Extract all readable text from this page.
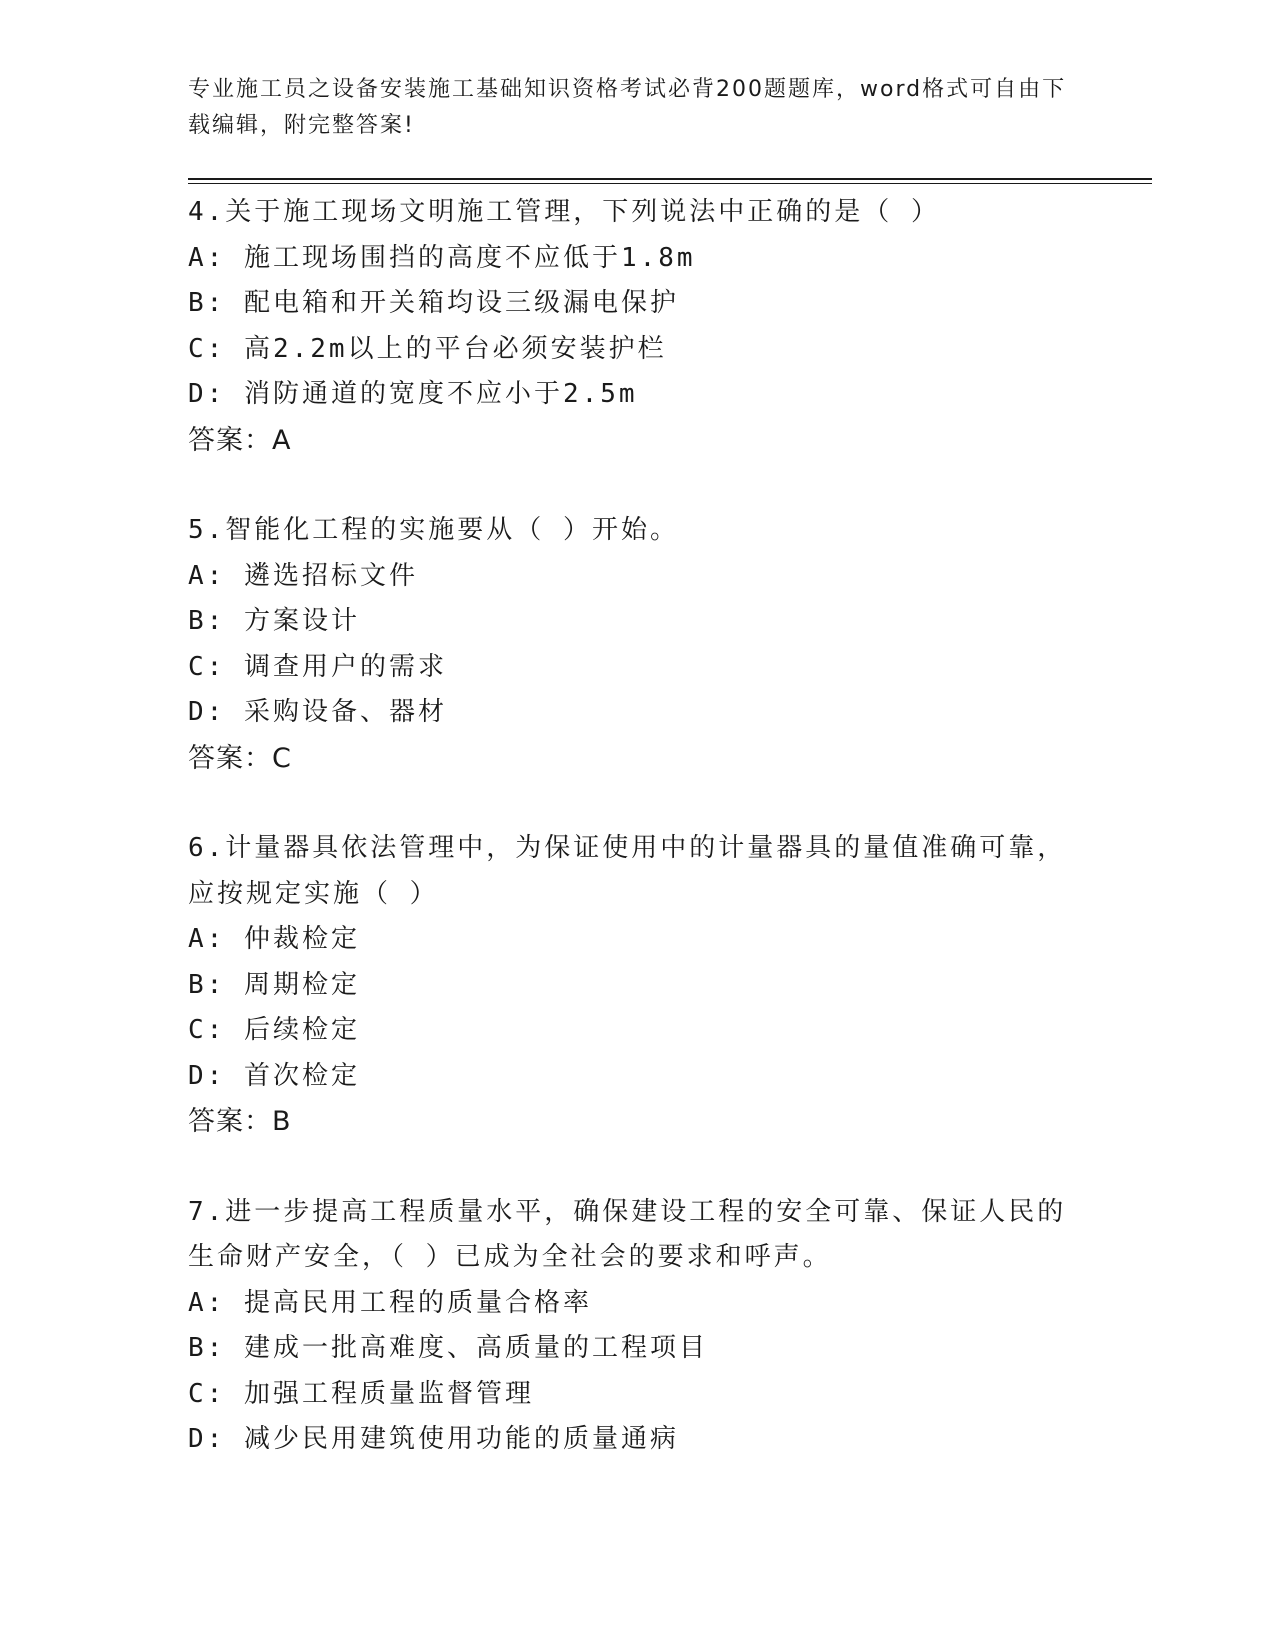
专业施工员之设备安装施工基础知识资格考试必背200题题库，word格式可自由下载编辑，附完整答案!
4.关于施工现场文明施工管理，下列说法中正确的是（ ）
A: 施工现场围挡的高度不应低于1.8m
B: 配电箱和开关箱均设三级漏电保护
C: 高2.2m以上的平台必须安装护栏
D: 消防通道的宽度不应小于2.5m
答案：A
5.智能化工程的实施要从（ ）开始。
A: 遴选招标文件
B: 方案设计
C: 调查用户的需求
D: 采购设备、器材
答案：C
6.计量器具依法管理中，为保证使用中的计量器具的量值准确可靠，应按规定实施（ ）
A: 仲裁检定
B: 周期检定
C: 后续检定
D: 首次检定
答案：B
7.进一步提高工程质量水平，确保建设工程的安全可靠、保证人民的生命财产安全，（ ）已成为全社会的要求和呼声。
A: 提高民用工程的质量合格率
B: 建成一批高难度、高质量的工程项目
C: 加强工程质量监督管理
D: 减少民用建筑使用功能的质量通病
